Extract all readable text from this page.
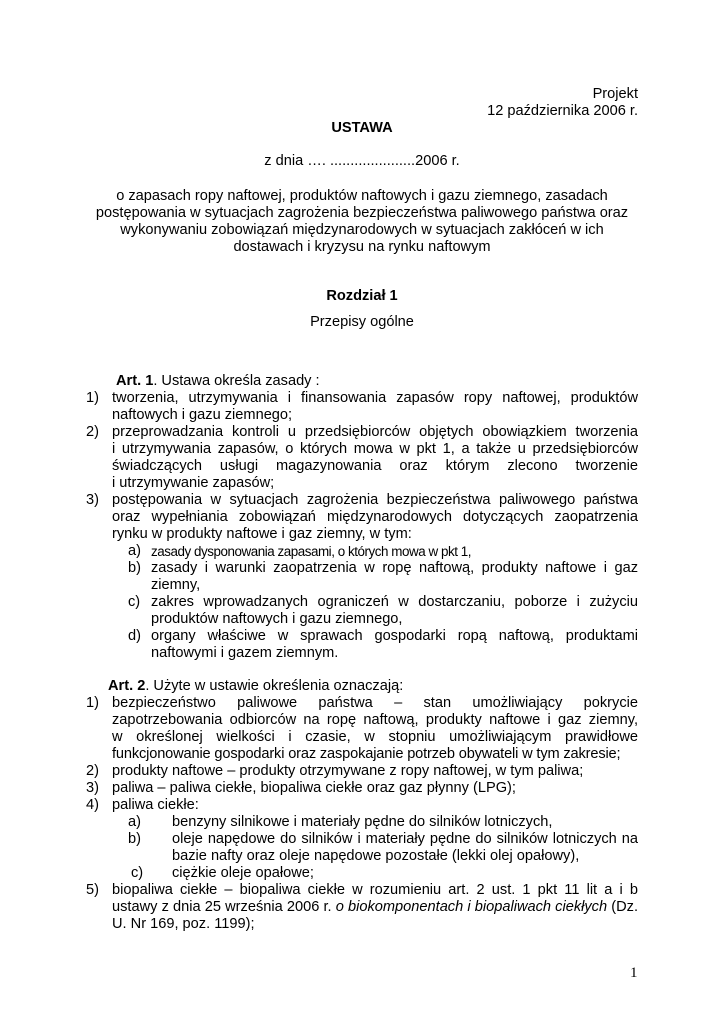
Projekt
12 października 2006 r.
USTAWA
z dnia …. .....................2006 r.
o zapasach ropy naftowej, produktów naftowych i gazu ziemnego, zasadach
postępowania w sytuacjach zagrożenia bezpieczeństwa paliwowego państwa oraz
wykonywaniu zobowiązań międzynarodowych w sytuacjach zakłóceń w ich
dostawach i kryzysu na rynku naftowym
Rozdział 1
Przepisy ogólne
Art. 1. Ustawa określa zasady :
1) tworzenia, utrzymywania i finansowania zapasów ropy naftowej, produktów
naftowych i gazu ziemnego;
2) przeprowadzania kontroli u przedsiębiorców objętych obowiązkiem tworzenia
i utrzymywania zapasów, o których mowa w pkt 1, a także u przedsiębiorców
świadczących usługi magazynowania oraz którym zlecono tworzenie
i utrzymywanie zapasów;
3) postępowania w sytuacjach zagrożenia bezpieczeństwa paliwowego państwa
oraz wypełniania zobowiązań międzynarodowych dotyczących zaopatrzenia
rynku w produkty naftowe i gaz ziemny, w tym:
a) zasady dysponowania zapasami, o których mowa w pkt 1,
b) zasady i warunki zaopatrzenia w ropę naftową, produkty naftowe i gaz
ziemny,
c) zakres wprowadzanych ograniczeń w dostarczaniu, poborze i zużyciu
produktów naftowych i gazu ziemnego,
d) organy właściwe w sprawach gospodarki ropą naftową, produktami
naftowymi i gazem ziemnym.
Art. 2. Użyte w ustawie określenia oznaczają:
1) bezpieczeństwo paliwowe państwa – stan umożliwiający pokrycie
zapotrzebowania odbiorców na ropę naftową, produkty naftowe i gaz ziemny,
w określonej wielkości i czasie, w stopniu umożliwiającym prawidłowe
funkcjonowanie gospodarki oraz zaspokajanie potrzeb obywateli w tym zakresie;
2) produkty naftowe – produkty otrzymywane z ropy naftowej, w tym paliwa;
3) paliwa – paliwa ciekłe, biopaliwa ciekłe oraz gaz płynny (LPG);
4) paliwa ciekłe:
a) benzyny silnikowe i materiały pędne do silników lotniczych,
b) oleje napędowe do silników i materiały pędne do silników lotniczych na
bazie nafty oraz oleje napędowe pozostałe (lekki olej opałowy),
c) ciężkie oleje opałowe;
5) biopaliwa ciekłe – biopaliwa ciekłe w rozumieniu art. 2 ust. 1 pkt 11 lit a i b
ustawy z dnia 25 września 2006 r. o biokomponentach i biopaliwach ciekłych (Dz.
U. Nr 169, poz. 1199);
1
